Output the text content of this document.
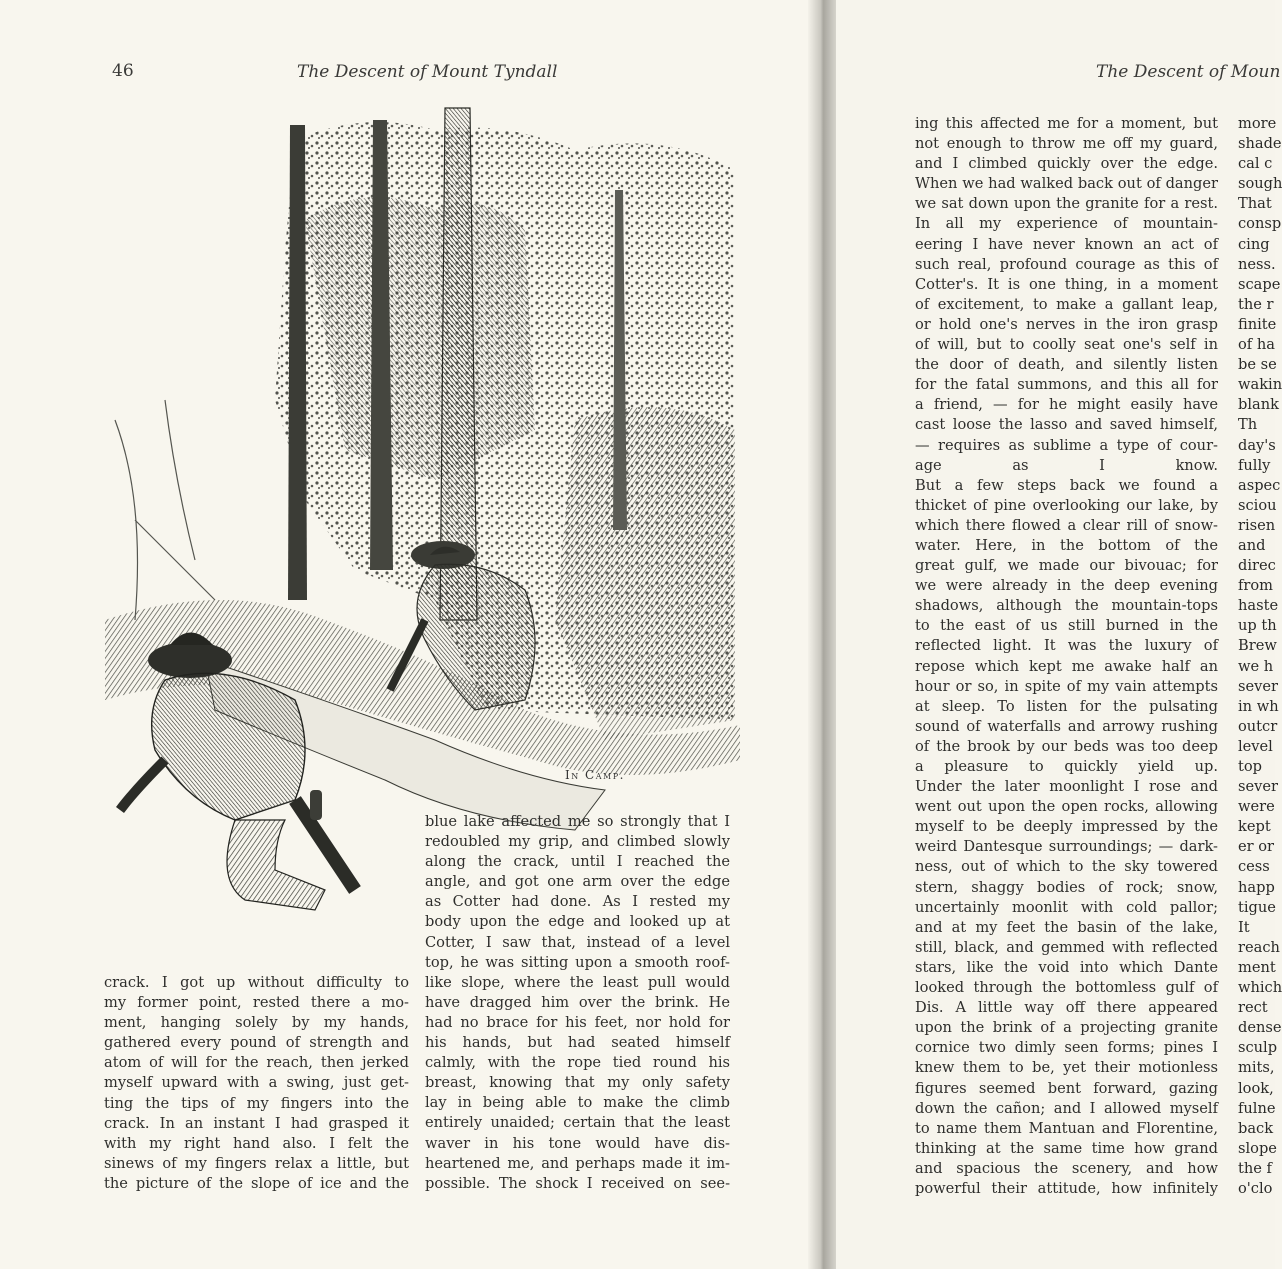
46	The Descent of Mount Tyndall	The Descent of Moun
In Camp.
crack. I got up without difficulty to
my former point, rested there a mo-
ment, hanging solely by my hands,
gathered every pound of strength and
atom of will for the reach, then jerked
myself upward with a swing, just get-
ting the tips of my fingers into the
crack. In an instant I had grasped it
with my right hand also. I felt the
sinews of my fingers relax a little, but
the picture of the slope of ice and the
blue lake affected me so strongly that I
redoubled my grip, and climbed slowly
along the crack, until I reached the
angle, and got one arm over the edge
as Cotter had done. As I rested my
body upon the edge and looked up at
Cotter, I saw that, instead of a level
top, he was sitting upon a smooth roof-
like slope, where the least pull would
have dragged him over the brink. He
had no brace for his feet, nor hold for
his hands, but had seated himself
calmly, with the rope tied round his
breast, knowing that my only safety
lay in being able to make the climb
entirely unaided; certain that the least
waver in his tone would have dis-
heartened me, and perhaps made it im-
possible. The shock I received on see-
ing this affected me for a moment, but
not enough to throw me off my guard,
and I climbed quickly over the edge.
When we had walked back out of danger
we sat down upon the granite for a rest.
In all my experience of mountain-
eering I have never known an act of
such real, profound courage as this of
Cotter's. It is one thing, in a moment
of excitement, to make a gallant leap,
or hold one's nerves in the iron grasp
of will, but to coolly seat one's self in
the door of death, and silently listen
for the fatal summons, and this all for
a friend, — for he might easily have
cast loose the lasso and saved himself,
— requires as sublime a type of cour-
age as I know.
But a few steps back we found a
thicket of pine overlooking our lake, by
which there flowed a clear rill of snow-
water. Here, in the bottom of the
great gulf, we made our bivouac; for
we were already in the deep evening
shadows, although the mountain-tops
to the east of us still burned in the
reflected light. It was the luxury of
repose which kept me awake half an
hour or so, in spite of my vain attempts
at sleep. To listen for the pulsating
sound of waterfalls and arrowy rushing
of the brook by our beds was too deep
a pleasure to quickly yield up.
Under the later moonlight I rose and
went out upon the open rocks, allowing
myself to be deeply impressed by the
weird Dantesque surroundings; — dark-
ness, out of which to the sky towered
stern, shaggy bodies of rock; snow,
uncertainly moonlit with cold pallor;
and at my feet the basin of the lake,
still, black, and gemmed with reflected
stars, like the void into which Dante
looked through the bottomless gulf of
Dis. A little way off there appeared
upon the brink of a projecting granite
cornice two dimly seen forms; pines I
knew them to be, yet their motionless
figures seemed bent forward, gazing
down the cañon; and I allowed myself
to name them Mantuan and Florentine,
thinking at the same time how grand
and spacious the scenery, and how
powerful their attitude, how infinitely
more
shade
cal c
sough
That
consp
cing
ness.
scape
the r
finite
of ha
be se
wakin
blank
Th
day's
fully
aspec
sciou
risen
and
direc
from
haste
up th
Brew
we h
sever
in wh
outcr
level
top
sever
were
kept
er or
cess
happ
tigue
It
reach
ment
which
rect
dense
sculp
mits,
look,
fulne
back
slope
the f
o'clo
